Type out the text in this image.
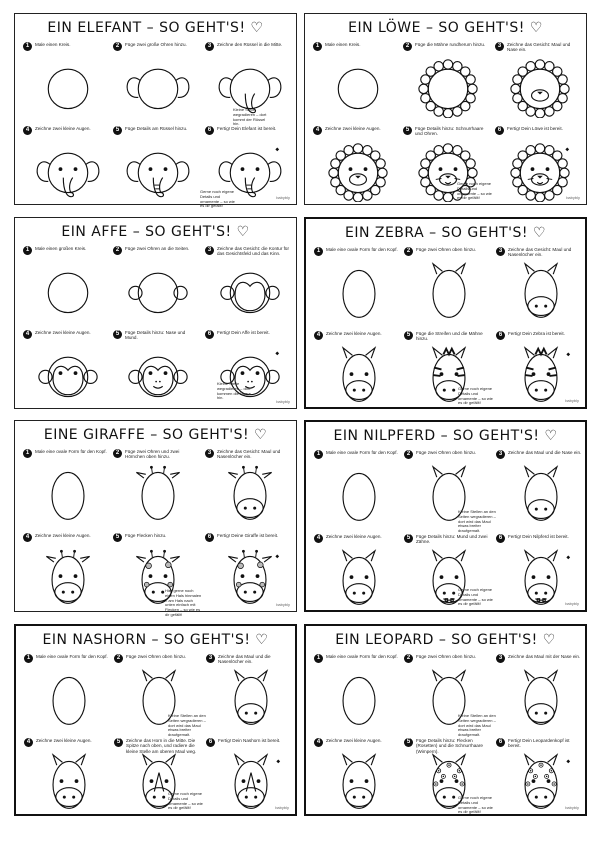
EIN ELEFANT – SO GEHT'S! ♡
1	Male einen Kreis.	2	Füge zwei große Ohren hinzu.	3	Zeichne den Rüssel in die Mitte.
4	Zeichne zwei kleine Augen.	5	Füge Details am Rüssel hinzu.	6	Fertig! Dein Elefant ist bereit.
Kleine Stelle wegradieren – dort kommt der Rüssel hin.
Gerne noch eigene Details und ornamente – so wie es dir gefällt!
babybly
EIN LÖWE – SO GEHT'S! ♡
1	Male einen Kreis.	2	Füge die Mähne rundherum hinzu.	3	Zeichne das Gesicht: Maul und Nase ein.
4	Zeichne zwei kleine Augen.	5	Füge Details hinzu: Schnurrhaare und Ohren.
6	Fertig! Dein Löwe ist bereit.
Gerne noch eigene Details und ornamente – so wie es dir gefällt!	babybly
EIN AFFE – SO GEHT'S! ♡
1	Male einen großen Kreis.	2	Füge zwei Ohren an die Seiten.	3	Zeichne das Gesicht: die Kontur für das Gesichtsfeld und das Kinn.
4	Zeichne zwei kleine Augen.	5	Füge Details hinzu: Nase und Mund.
6	Fertig! Dein Affe ist bereit.
Kleine Stelle wegradieren – dort kommen die Haare hin.
babybly
EIN ZEBRA – SO GEHT'S! ♡
1	Male eine ovale Form für den Kopf.	2	Füge zwei Ohren oben hinzu.	3	Zeichne das Gesicht: Maul und Nasenlöcher ein.
4	Zeichne zwei kleine Augen.	5	Füge die Streifen und die Mähne hinzu.
6	Fertig! Dein Zebra ist bereit.
Gerne noch eigene Details und ornamente – so wie es dir gefällt!	babybly
EINE GIRAFFE – SO GEHT'S! ♡
1	Male eine ovale Form für den Kopf.	2	Füge zwei Ohren und zwei Hörnchen oben hinzu.
3	Zeichne das Gesicht: Maul und Nasenlöcher ein.
4	Zeichne zwei kleine Augen.	5	Füge Flecken hinzu.	6	Fertig! Deine Giraffe ist bereit.
Hier gerne noch einen Hals hinmalen – am Hals nach unten einfach mit Flecken – so wie es dir gefällt!
babybly
EIN NILPFERD – SO GEHT'S! ♡
1	Male eine ovale Form für den Kopf.	2	Füge zwei Ohren oben hinzu.	3	Zeichne das Maul und die Nase ein.
4	Zeichne zwei kleine Augen.	5	Füge Details hinzu: Mund und zwei Zähne.
6	Fertig! Dein Nilpferd ist bereit.
Kleine Stellen an den Seiten wegradieren – dort wird das Maul etwas breiter draufgemalt.
Gerne noch eigene Details und ornamente – so wie es dir gefällt!	babybly
EIN NASHORN – SO GEHT'S! ♡
1	Male eine ovale Form für den Kopf.	2	Füge zwei Ohren oben hinzu.	3	Zeichne das Maul und die Nasenlöcher ein.
4	Zeichne zwei kleine Augen.	5	Zeichne das Horn in die Mitte. Die Spitze nach oben, und radiere die kleine Stelle am oberen Maul weg.
6	Fertig! Dein Nashorn ist bereit.
Kleine Stellen an den Seiten wegradieren – dort wird das Maul etwas breiter draufgemalt.
Gerne noch eigene Details und ornamente – so wie es dir gefällt!	babybly
EIN LEOPARD – SO GEHT'S! ♡
1	Male eine ovale Form für den Kopf.	2	Füge zwei Ohren oben hinzu.	3	Zeichne das Maul mit der Nase ein.
4	Zeichne zwei kleine Augen.	5	Füge Details hinzu: Flecken (Rosetten) und die Schnurrhaare (Wimpern).
6	Fertig! Dein Leopardenkopf ist bereit.
Kleine Stellen an den Seiten wegradieren – dort wird das Maul etwas breiter draufgemalt.
Gerne noch eigene Details und ornamente – so wie es dir gefällt!
babybly
